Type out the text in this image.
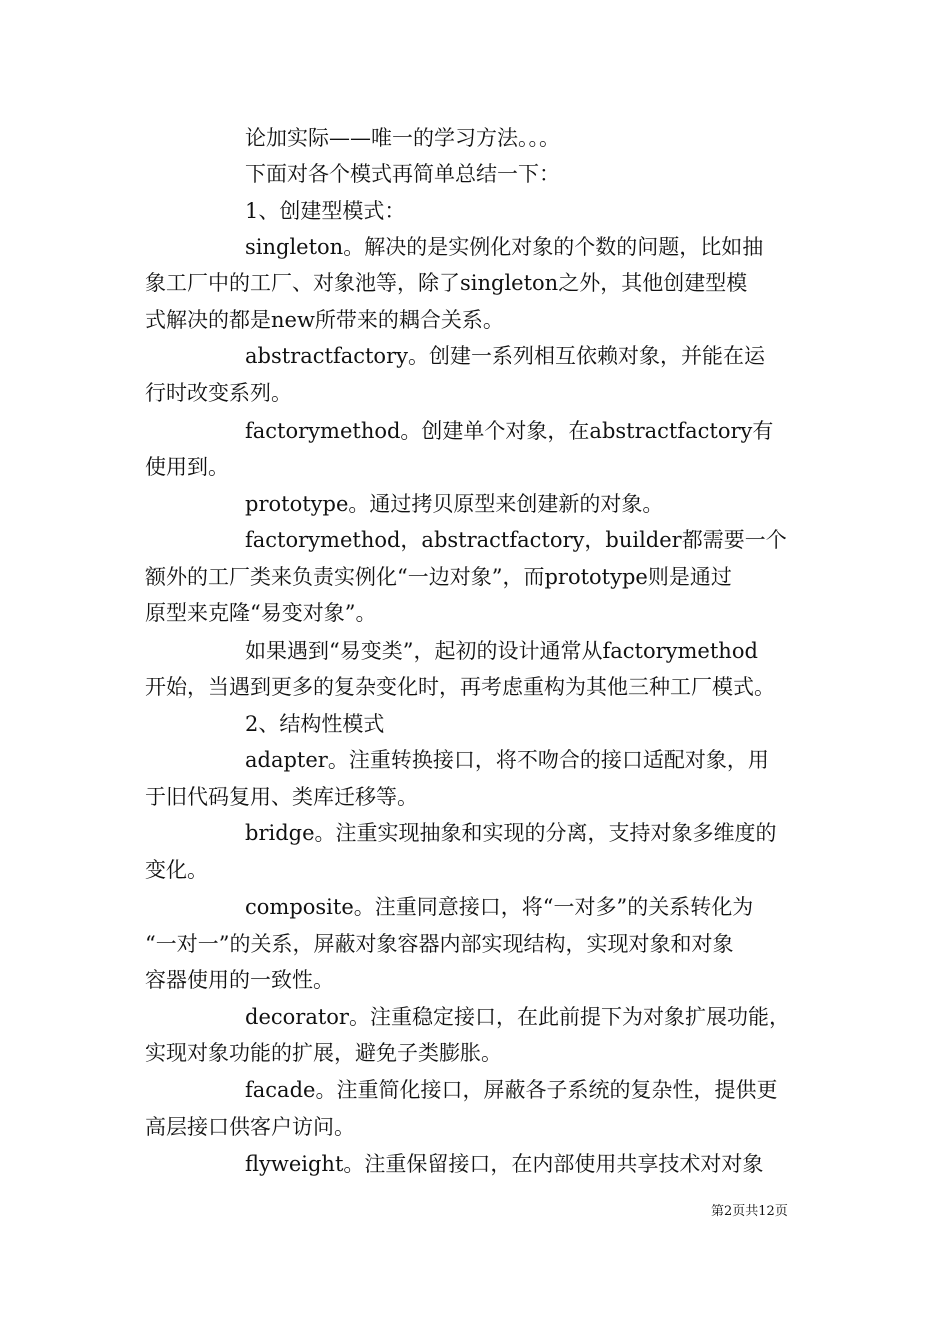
论加实际——唯一的学习方法。。。
下面对各个模式再简单总结一下：
1、创建型模式：
singleton。解决的是实例化对象的个数的问题，比如抽
象工厂中的工厂、对象池等，除了singleton之外，其他创建型模
式解决的都是new所带来的耦合关系。
abstractfactory。创建一系列相互依赖对象，并能在运
行时改变系列。
factorymethod。创建单个对象，在abstractfactory有
使用到。
prototype。通过拷贝原型来创建新的对象。
factorymethod，abstractfactory，builder都需要一个
额外的工厂类来负责实例化“一边对象”，而prototype则是通过
原型来克隆“易变对象”。
如果遇到“易变类”，起初的设计通常从factorymethod
开始，当遇到更多的复杂变化时，再考虑重构为其他三种工厂模式。
2、结构性模式
adapter。注重转换接口，将不吻合的接口适配对象，用
于旧代码复用、类库迁移等。
bridge。注重实现抽象和实现的分离，支持对象多维度的
变化。
composite。注重同意接口，将“一对多”的关系转化为
“一对一”的关系，屏蔽对象容器内部实现结构，实现对象和对象
容器使用的一致性。
decorator。注重稳定接口，在此前提下为对象扩展功能，
实现对象功能的扩展，避免子类膨胀。
facade。注重简化接口，屏蔽各子系统的复杂性，提供更
高层接口供客户访问。
flyweight。注重保留接口，在内部使用共享技术对对象
第2页共12页
